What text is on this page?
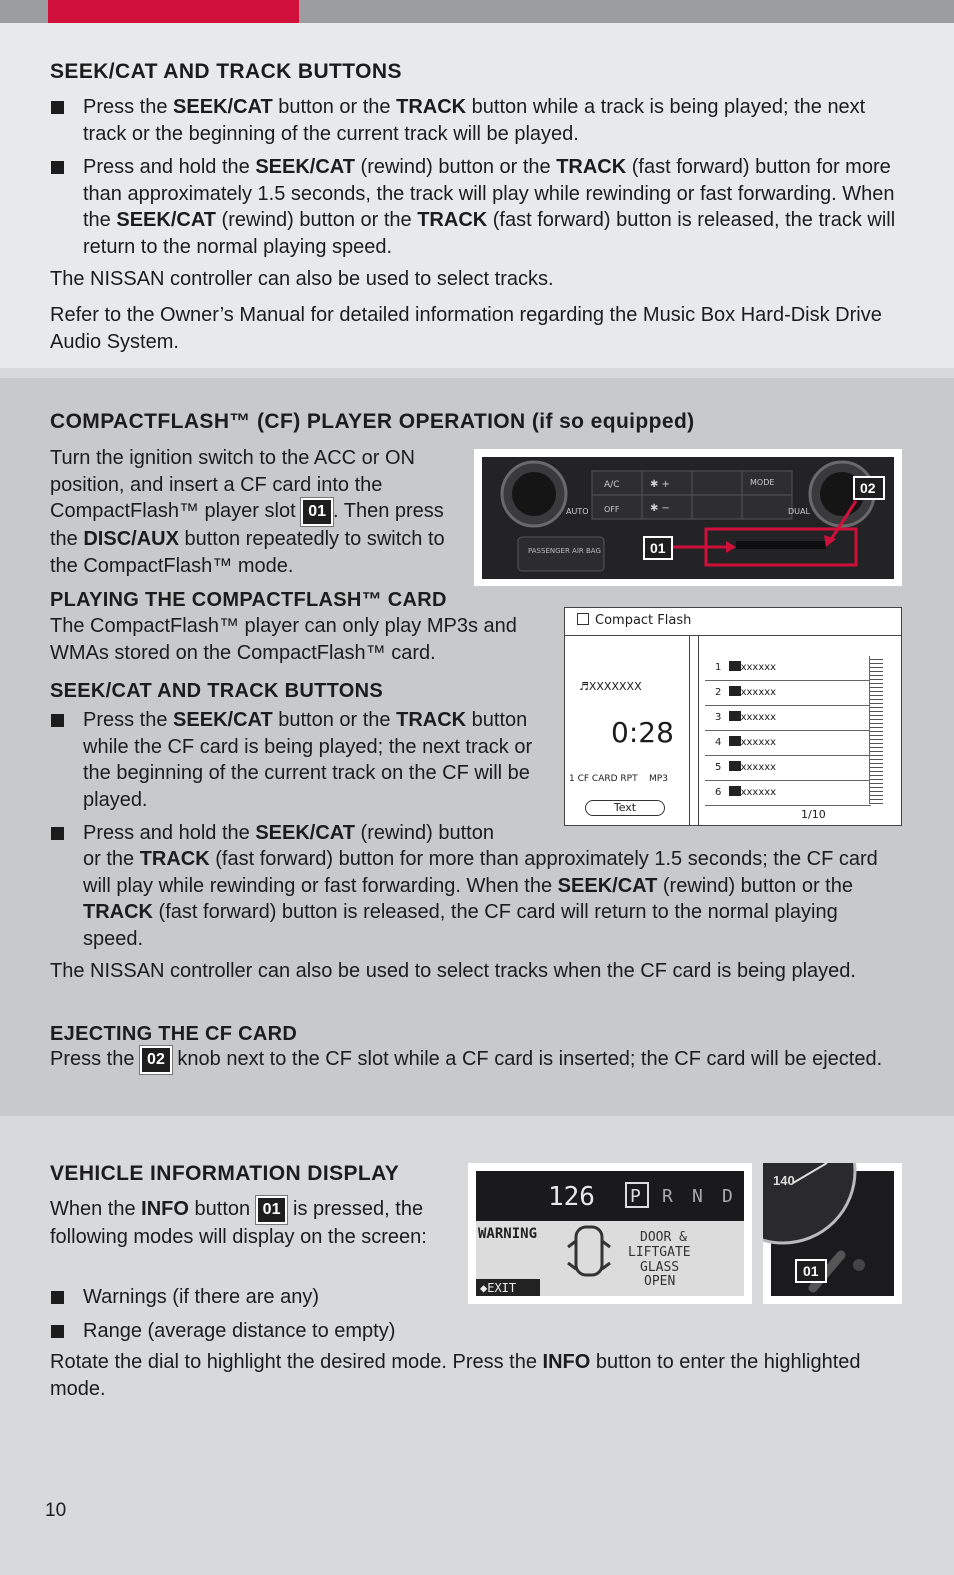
SEEK/CAT AND TRACK BUTTONS
Press the SEEK/CAT button or the TRACK button while a track is being played; the next track or the beginning of the current track will be played.
Press and hold the SEEK/CAT (rewind) button or the TRACK (fast forward) button for more than approximately 1.5 seconds, the track will play while rewinding or fast forwarding. When the SEEK/CAT (rewind) button or the TRACK (fast forward) button is released, the track will return to the normal playing speed.

The NISSAN controller can also be used to select tracks.

Refer to the Owner’s Manual for detailed information regarding the Music Box Hard-Disk Drive Audio System.

COMPACTFLASH™ (CF) PLAYER OPERATION (if so equipped)

Turn the ignition switch to the ACC or ON position, and insert a CF card into the CompactFlash™ player slot 01 . Then press the DISC/AUX button repeatedly to switch to the CompactFlash™ mode.

A/C	✱ +
✱ −
MODE
OFF
AUTO	DUAL
PASSENGER AIR BAG	01
02
PLAYING THE COMPACTFLASH™ CARD

The CompactFlash™ player can only play MP3s and WMAs stored on the CompactFlash™ card.

Compact Flash
♬XXXXXXX
0:28
1 CF CARD RPT MP3
Text
1 xxxxxx
2 xxxxxx
3 xxxxxx
4 xxxxxx
5 xxxxxx
6 xxxxxx
1/10
SEEK/CAT AND TRACK BUTTONS
Press the SEEK/CAT button or the TRACK button while the CF card is being played; the next track or the beginning of the current track on the CF will be played.
Press and hold the SEEK/CAT (rewind) button

or the TRACK (fast forward) button for more than approximately 1.5 seconds; the CF card will play while rewinding or fast forwarding. When the SEEK/CAT (rewind) button or the TRACK (fast forward) button is released, the CF card will return to the normal playing speed.

The NISSAN controller can also be used to select tracks when the CF card is being played.

EJECTING THE CF CARD

Press the 02 knob next to the CF slot while a CF card is inserted; the CF card will be ejected.

VEHICLE INFORMATION DISPLAY

When the INFO button 01 is pressed, the following modes will display on the screen:

Warnings (if there are any)
Range (average distance to empty)

Rotate the dial to highlight the desired mode. Press the INFO button to enter the highlighted mode.

126 P R N D
WARNING	DOOR &
LIFTGATE
GLASS
OPEN
◆EXIT
140
01
10
